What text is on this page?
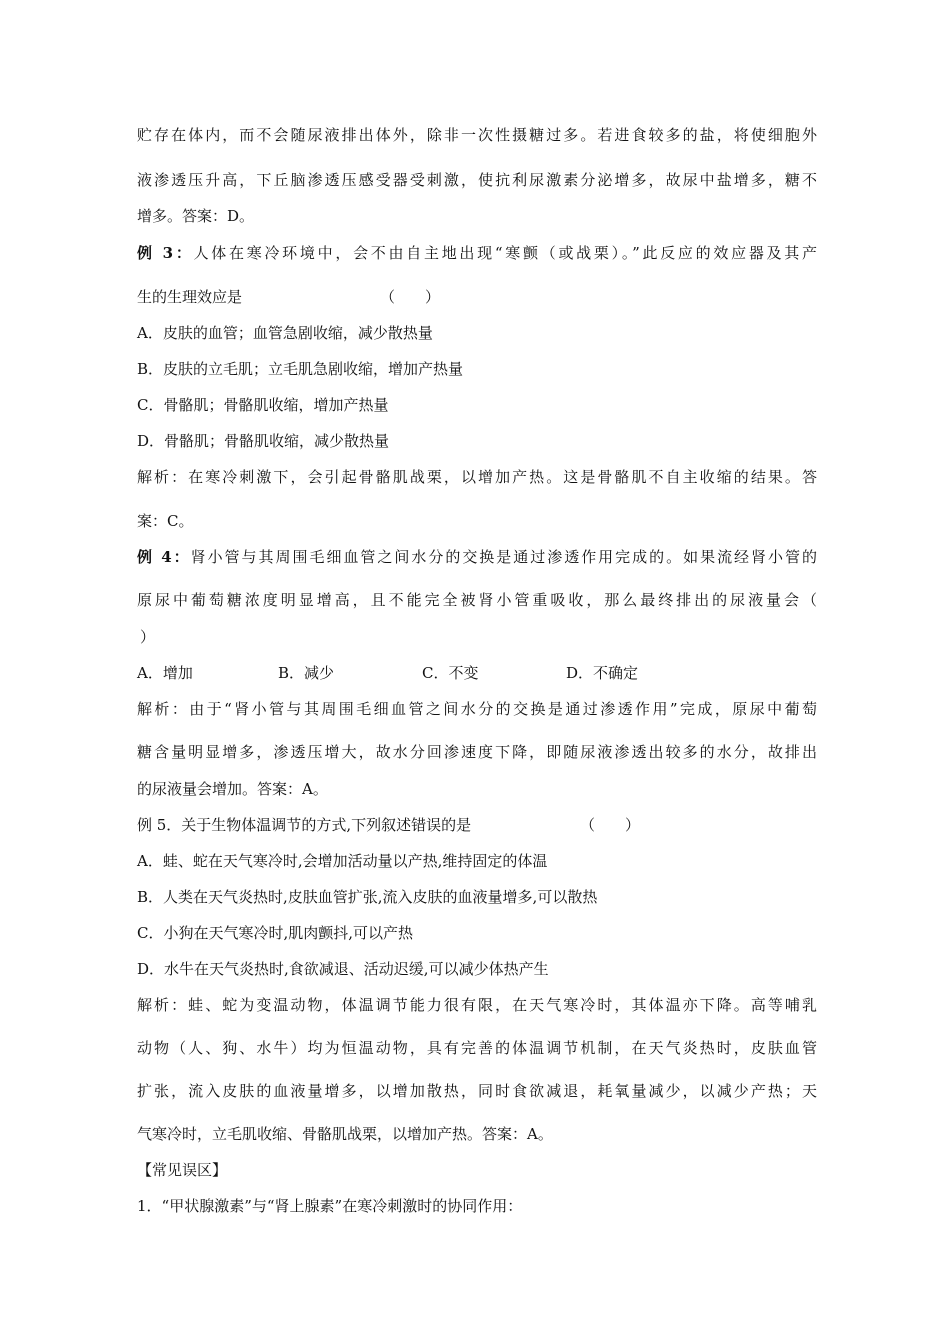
贮存在体内，而不会随尿液排出体外，除非一次性摄糖过多。若进食较多的盐，将使细胞外
液渗透压升高，下丘脑渗透压感受器受刺激，使抗利尿激素分泌增多，故尿中盐增多，糖不
增多。答案：D。
例 3：人体在寒冷环境中，会不由自主地出现“寒颤（或战栗）。”此反应的效应器及其产
生的生理效应是	（　　）
A．皮肤的血管；血管急剧收缩，减少散热量
B．皮肤的立毛肌；立毛肌急剧收缩，增加产热量
C．骨骼肌；骨骼肌收缩，增加产热量
D．骨骼肌；骨骼肌收缩，减少散热量
解析：在寒冷刺激下，会引起骨骼肌战栗，以增加产热。这是骨骼肌不自主收缩的结果。答
案：C。
例 4：肾小管与其周围毛细血管之间水分的交换是通过渗透作用完成的。如果流经肾小管的
原尿中葡萄糖浓度明显增高，且不能完全被肾小管重吸收，那么最终排出的尿液量会（
）
A．增加	B．减少	C．不变	D．不确定
解析：由于“肾小管与其周围毛细血管之间水分的交换是通过渗透作用”完成，原尿中葡萄
糖含量明显增多，渗透压增大，故水分回渗速度下降，即随尿液渗透出较多的水分，故排出
的尿液量会增加。答案：A。
例 5．关于生物体温调节的方式,下列叙述错误的是	（　　）
A．蛙、蛇在天气寒冷时,会增加活动量以产热,维持固定的体温
B．人类在天气炎热时,皮肤血管扩张,流入皮肤的血液量增多,可以散热
C．小狗在天气寒冷时,肌肉颤抖,可以产热
D．水牛在天气炎热时,食欲减退、活动迟缓,可以减少体热产生
解析：蛙、蛇为变温动物，体温调节能力很有限，在天气寒冷时，其体温亦下降。高等哺乳
动物（人、狗、水牛）均为恒温动物，具有完善的体温调节机制，在天气炎热时，皮肤血管
扩张，流入皮肤的血液量增多，以增加散热，同时食欲减退，耗氧量减少，以减少产热；天
气寒冷时，立毛肌收缩、骨骼肌战栗，以增加产热。答案：A。
【常见误区】
1．“甲状腺激素”与“肾上腺素”在寒冷刺激时的协同作用：
